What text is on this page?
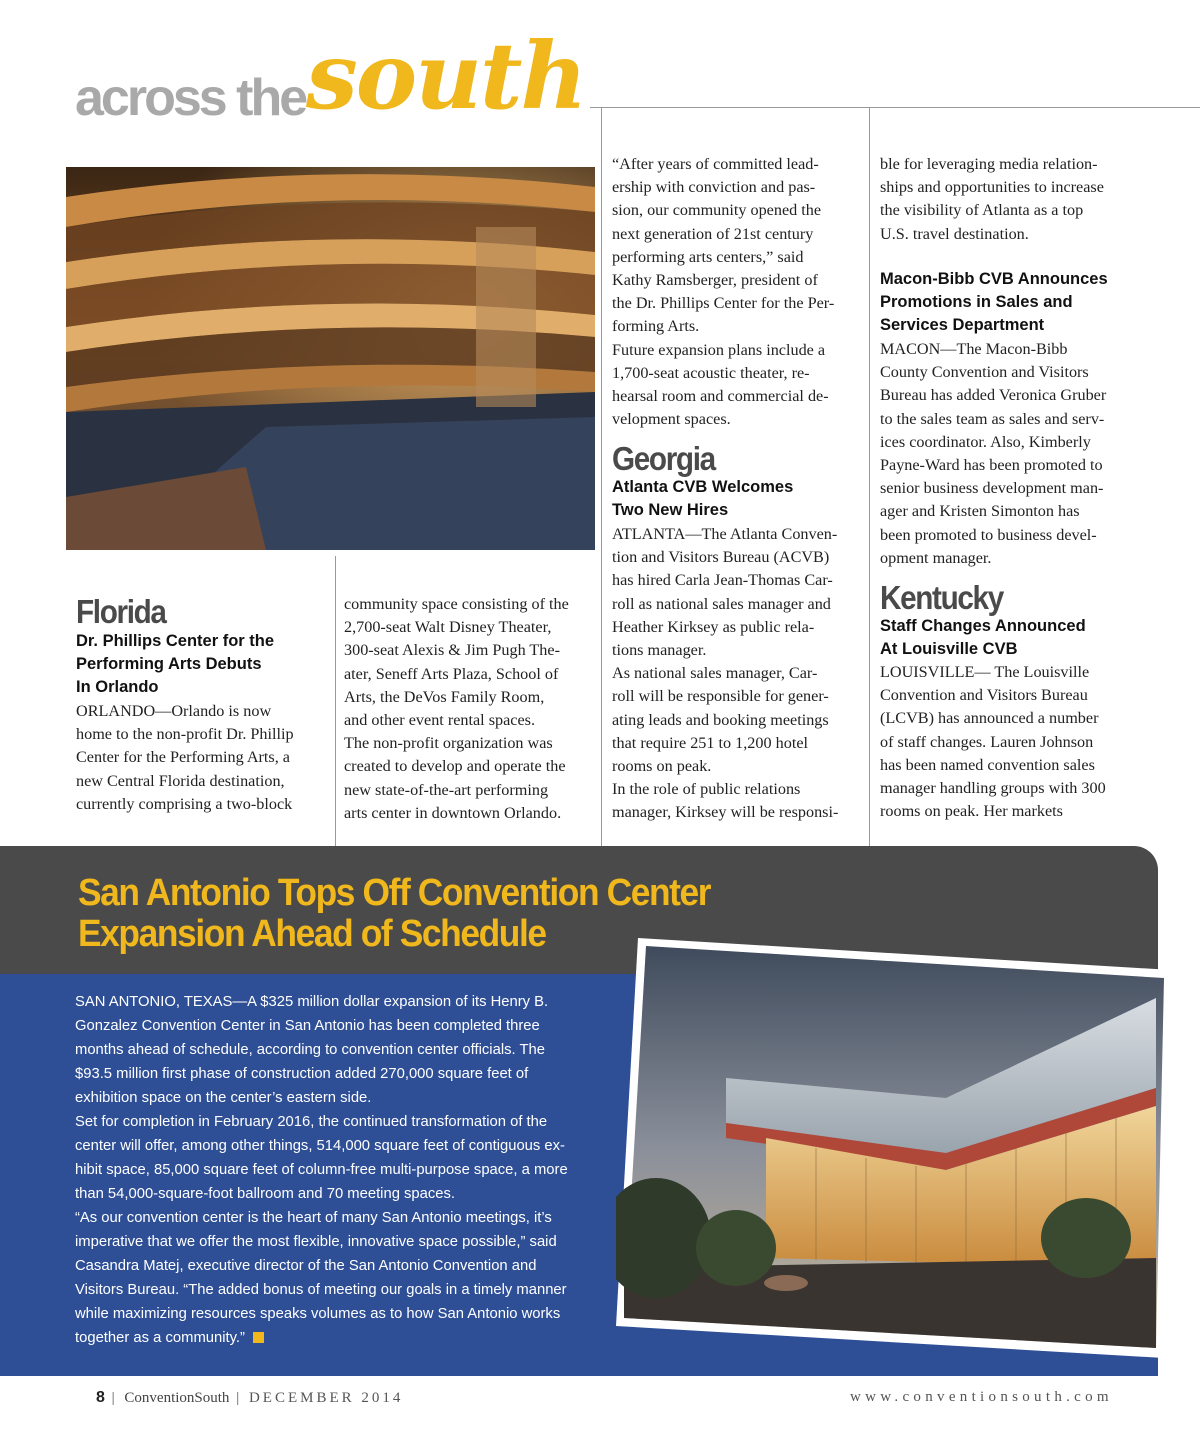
across the south
Florida
Dr. Phillips Center for the
Performing Arts Debuts
In Orlando
ORLANDO—Orlando is now
home to the non-profit Dr. Phillip
Center for the Performing Arts, a
new Central Florida destination,
currently comprising a two-block
community space consisting of the
2,700-seat Walt Disney Theater,
300-seat Alexis & Jim Pugh The-
ater, Seneff Arts Plaza, School of
Arts, the DeVos Family Room,
and other event rental spaces.
The non-profit organization was
created to develop and operate the
new state-of-the-art performing
arts center in downtown Orlando.
“After years of committed lead-
ership with conviction and pas-
sion, our community opened the
next generation of 21st century
performing arts centers,” said
Kathy Ramsberger, president of
the Dr. Phillips Center for the Per-
forming Arts.
Future expansion plans include a
1,700-seat acoustic theater, re-
hearsal room and commercial de-
velopment spaces.
Georgia
Atlanta CVB Welcomes
Two New Hires
ATLANTA—The Atlanta Conven-
tion and Visitors Bureau (ACVB)
has hired Carla Jean-Thomas Car-
roll as national sales manager and
Heather Kirksey as public rela-
tions manager.
As national sales manager, Car-
roll will be responsible for gener-
ating leads and booking meetings
that require 251 to 1,200 hotel
rooms on peak.
In the role of public relations
manager, Kirksey will be responsi-
ble for leveraging media relation-
ships and opportunities to increase
the visibility of Atlanta as a top
U.S. travel destination.
Macon-Bibb CVB Announces
Promotions in Sales and
Services Department
MACON—The Macon-Bibb
County Convention and Visitors
Bureau has added Veronica Gruber
to the sales team as sales and serv-
ices coordinator. Also, Kimberly
Payne-Ward has been promoted to
senior business development man-
ager and Kristen Simonton has
been promoted to business devel-
opment manager.
Kentucky
Staff Changes Announced
At Louisville CVB
LOUISVILLE— The Louisville
Convention and Visitors Bureau
(LCVB) has announced a number
of staff changes. Lauren Johnson
has been named convention sales
manager handling groups with 300
rooms on peak. Her markets
San Antonio Tops Off Convention Center
Expansion Ahead of Schedule
SAN ANTONIO, TEXAS—A $325 million dollar expansion of its Henry B.
Gonzalez Convention Center in San Antonio has been completed three
months ahead of schedule, according to convention center officials. The
$93.5 million first phase of construction added 270,000 square feet of
exhibition space on the center’s eastern side.
Set for completion in February 2016, the continued transformation of the
center will offer, among other things, 514,000 square feet of contiguous ex-
hibit space, 85,000 square feet of column-free multi-purpose space, a more
than 54,000-square-foot ballroom and 70 meeting spaces.
“As our convention center is the heart of many San Antonio meetings, it’s
imperative that we offer the most flexible, innovative space possible,” said
Casandra Matej, executive director of the San Antonio Convention and
Visitors Bureau. “The added bonus of meeting our goals in a timely manner
while maximizing resources speaks volumes as to how San Antonio works
together as a community.”
8 | ConventionSouth | DECEMBER 2014	www.conventionsouth.com
